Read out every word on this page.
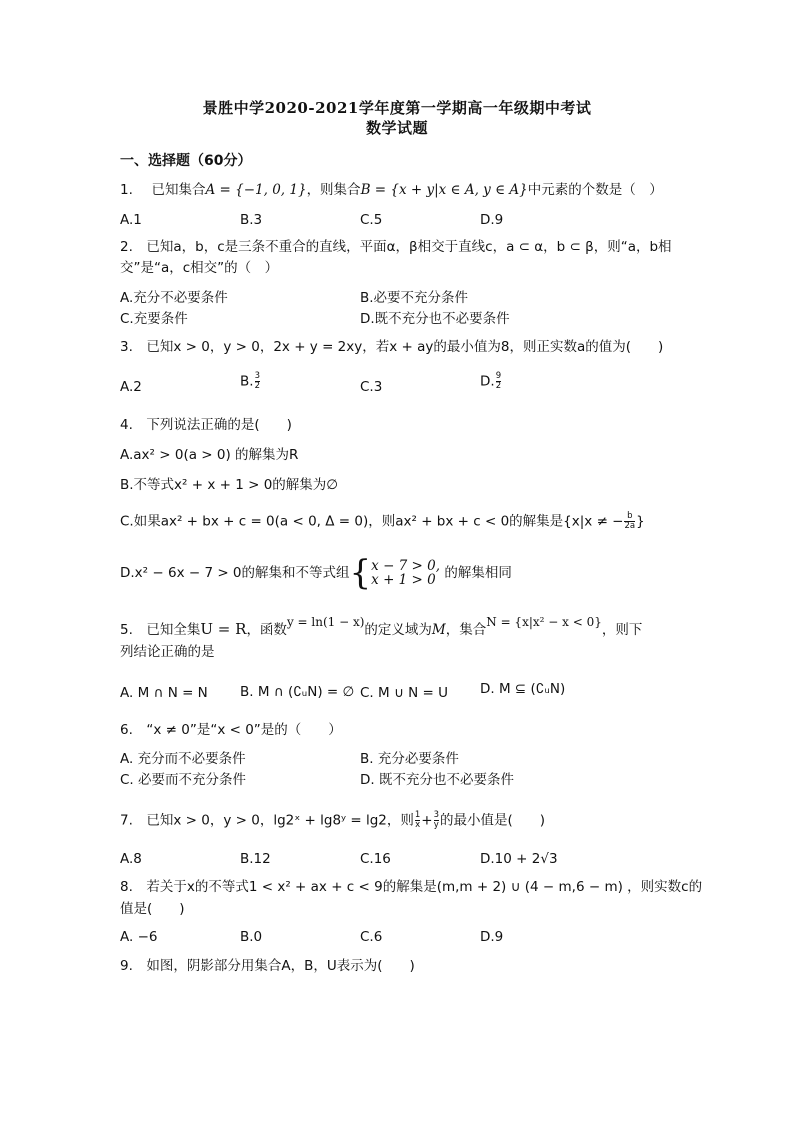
景胜中学2020-2021学年度第一学期高一年级期中考试
数学试题
一、选择题（60分）
1. 已知集合A = {−1, 0, 1}，则集合B = {x + y|x ∈ A, y ∈ A}中元素的个数是（　）
A.1	B.3	C.5	D.9
2.　已知a，b，c是三条不重合的直线，平面α，β相交于直线c，a ⊂ α，b ⊂ β，则“a，b相
交”是“a，c相交”的（　）
A.充分不必要条件	B.必要不充分条件
C.充要条件	D.既不充分也不必要条件
3.　已知x > 0，y > 0，2x + y = 2xy，若x + ay的最小值为8，则正实数a的值为(　　)
A.2	B. $\frac{3}{2}$	C.3	D. $\frac{9}{2}$
4.　下列说法正确的是(　　)
A.ax² > 0(a > 0) 的解集为R
B.不等式x² + x + 1 > 0的解集为∅
C.如果ax² + bx + c = 0(a < 0, Δ = 0)，则ax² + bx + c < 0的解集是{x|x ≠ − $\frac{b}{2a}$ }
D.x² − 6x − 7 > 0的解集和不等式组{ x − 7 > 0,
x + 1 > 0 的解集相同
5.　已知全集U = R，函数y = ln(1 − x)的定义域为M，集合N = {x|x² − x < 0}，则下
列结论正确的是
A. M ∩ N = N B. M ∩ (∁ᵤN) = ∅ C. M ∪ N = U D. M ⊆ (∁ᵤN)
6.　“x ≠ 0”是“x < 0”是的（　　）
A. 充分而不必要条件	B. 充分必要条件
C. 必要而不充分条件	D. 既不充分也不必要条件
7.　已知x > 0，y > 0，lg2ˣ + lg8ʸ = lg2，则 $\frac{1}{x} + \frac{3}{y}$ 的最小值是(　　)
A.8	B.12	C.16	D.10 + 2√3
8.　若关于x的不等式1 < x² + ax + c < 9的解集是(m,m + 2) ∪ (4 − m,6 − m) ，则实数c的
值是(　　)
A. −6	B.0	C.6	D.9
9.　如图，阴影部分用集合A，B，U表示为(　　)
